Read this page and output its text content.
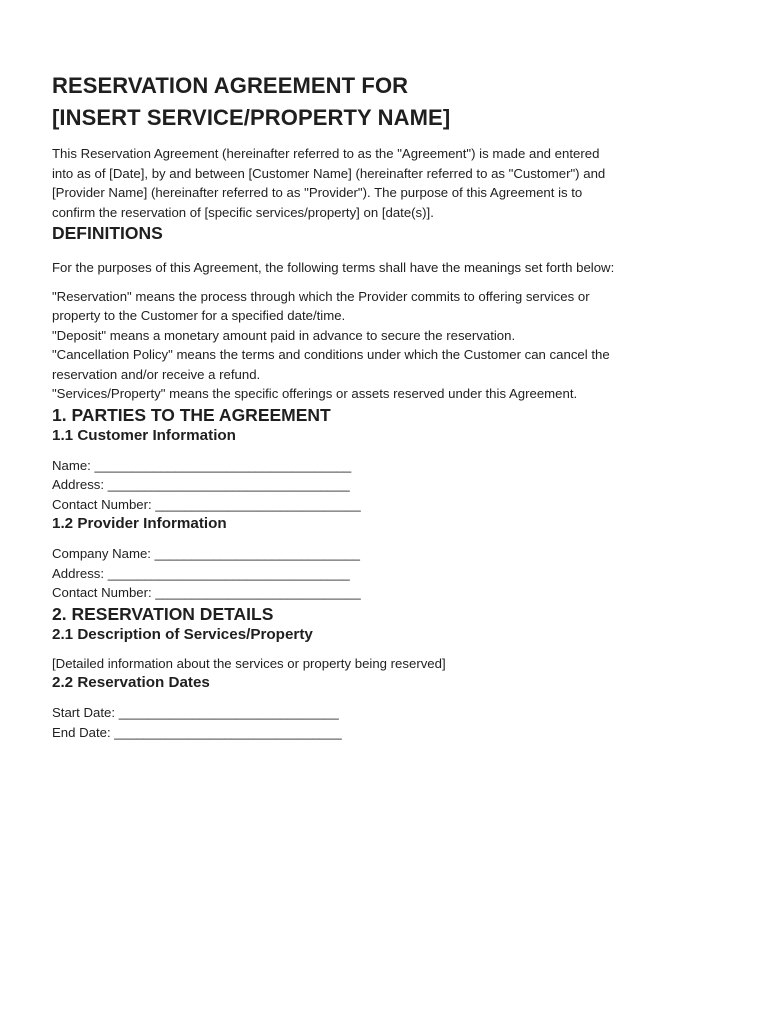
RESERVATION AGREEMENT FOR
[INSERT SERVICE/PROPERTY NAME]

This Reservation Agreement (hereinafter referred to as the "Agreement") is made and entered

into as of [Date], by and between [Customer Name] (hereinafter referred to as "Customer") and

[Provider Name] (hereinafter referred to as "Provider"). The purpose of this Agreement is to

confirm the reservation of [specific services/property] on [date(s)].

DEFINITIONS

For the purposes of this Agreement, the following terms shall have the meanings set forth below:

"Reservation" means the process through which the Provider commits to offering services or

property to the Customer for a specified date/time.

"Deposit" means a monetary amount paid in advance to secure the reservation.

"Cancellation Policy" means the terms and conditions under which the Customer can cancel the

reservation and/or receive a refund.

"Services/Property" means the specific offerings or assets reserved under this Agreement.

1. PARTIES TO THE AGREEMENT
1.1 Customer Information

Name: ___________________________________

Address: _________________________________

Contact Number: ____________________________

1.2 Provider Information

Company Name: ____________________________

Address: _________________________________

Contact Number: ____________________________

2. RESERVATION DETAILS
2.1 Description of Services/Property

[Detailed information about the services or property being reserved]

2.2 Reservation Dates

Start Date: ______________________________

End Date: _______________________________
